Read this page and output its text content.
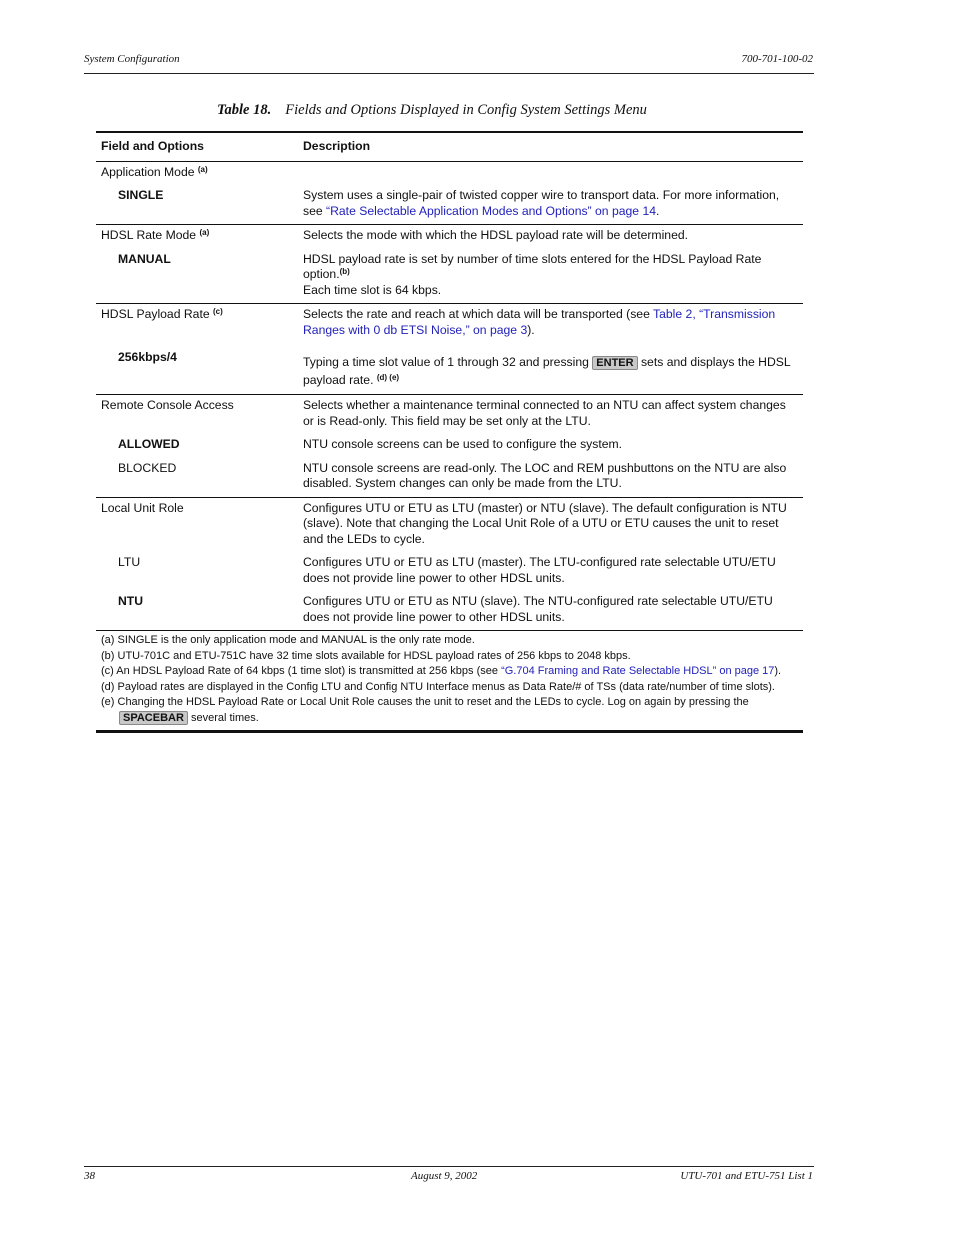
System Configuration	700-701-100-02
Table 18. Fields and Options Displayed in Config System Settings Menu
Field and Options	Description
Application Mode $^{(a)}$	
SINGLE	System uses a single-pair of twisted copper wire to transport data. For more information, see “Rate Selectable Application Modes and Options” on page 14.
HDSL Rate Mode $^{(a)}$	Selects the mode with which the HDSL payload rate will be determined.
MANUAL	HDSL payload rate is set by number of time slots entered for the HDSL Payload Rate option.$^{(b)}$
Each time slot is 64 kbps.
HDSL Payload Rate $^{(c)}$	Selects the rate and reach at which data will be transported (see Table 2, “Transmission Ranges with 0 db ETSI Noise,” on page 3).
256kbps/4	Typing a time slot value of 1 through 32 and pressing ENTER sets and displays the HDSL payload rate. $^{(d) (e)}$
Remote Console Access	Selects whether a maintenance terminal connected to an NTU can affect system changes or is Read-only. This field may be set only at the LTU.
ALLOWED	NTU console screens can be used to configure the system.
BLOCKED	NTU console screens are read-only. The LOC and REM pushbuttons on the NTU are also disabled. System changes can only be made from the LTU.
Local Unit Role	Configures UTU or ETU as LTU (master) or NTU (slave). The default configuration is NTU (slave). Note that changing the Local Unit Role of a UTU or ETU causes the unit to reset and the LEDs to cycle.
LTU	Configures UTU or ETU as LTU (master). The LTU-configured rate selectable UTU/ETU does not provide line power to other HDSL units.
NTU	Configures UTU or ETU as NTU (slave). The NTU-configured rate selectable UTU/ETU does not provide line power to other HDSL units.
(a) SINGLE is the only application mode and MANUAL is the only rate mode.
(b) UTU-701C and ETU-751C have 32 time slots available for HDSL payload rates of 256 kbps to 2048 kbps.
(c) An HDSL Payload Rate of 64 kbps (1 time slot) is transmitted at 256 kbps (see “G.704 Framing and Rate Selectable HDSL” on page 17).
(d) Payload rates are displayed in the Config LTU and Config NTU Interface menus as Data Rate/# of TSs (data rate/number of time slots).
(e) Changing the HDSL Payload Rate or Local Unit Role causes the unit to reset and the LEDs to cycle. Log on again by pressing the
SPACEBAR several times.
38	August 9, 2002	UTU-701 and ETU-751 List 1
